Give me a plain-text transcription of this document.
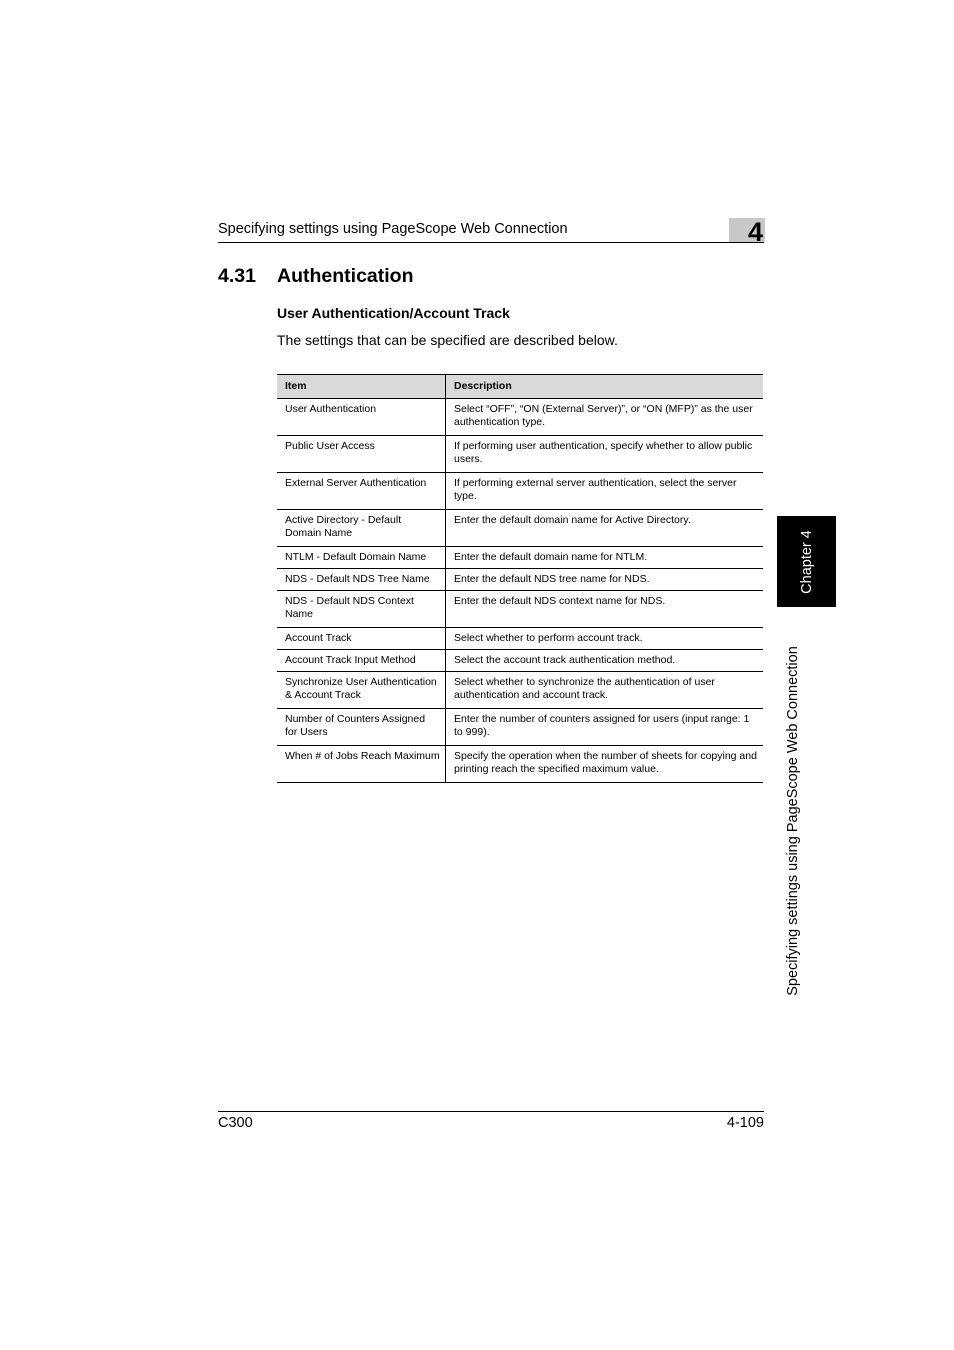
Specifying settings using PageScope Web Connection	4
4.31 Authentication
User Authentication/Account Track

The settings that can be specified are described below.

Item	Description
User Authentication	Select “OFF”, “ON (External Server)”, or “ON (MFP)” as the user authentication type.
Public User Access	If performing user authentication, specify whether to allow public users.
External Server Authentication	If performing external server authentication, select the server type.
Active Directory - Default Domain Name	Enter the default domain name for Active Directory.
NTLM - Default Domain Name	Enter the default domain name for NTLM.
NDS - Default NDS Tree Name	Enter the default NDS tree name for NDS.
NDS - Default NDS Context Name	Enter the default NDS context name for NDS.
Account Track	Select whether to perform account track.
Account Track Input Method	Select the account track authentication method.
Synchronize User Authentication & Account Track	Select whether to synchronize the authentication of user authentication and account track.
Number of Counters Assigned for Users	Enter the number of counters assigned for users (input range: 1 to 999).
When # of Jobs Reach Maximum	Specify the operation when the number of sheets for copying and printing reach the specified maximum value.
Chapter 4
Specifying settings using PageScope Web Connection
C300	4-109
